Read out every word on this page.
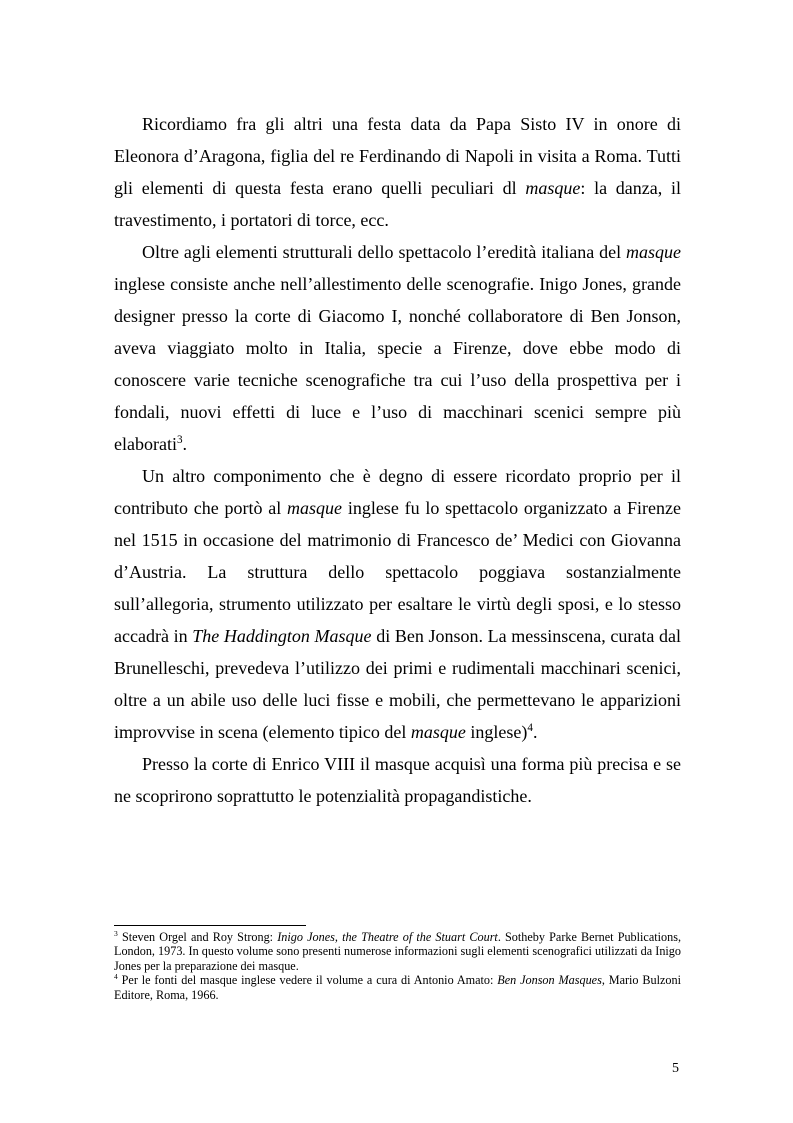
Ricordiamo fra gli altri una festa data da Papa Sisto IV in onore di Eleonora d’Aragona, figlia del re Ferdinando di Napoli in visita a Roma. Tutti gli elementi di questa festa erano quelli peculiari dl masque: la danza, il travestimento, i portatori di torce, ecc.

Oltre agli elementi strutturali dello spettacolo l’eredità italiana del masque inglese consiste anche nell’allestimento delle scenografie. Inigo Jones, grande designer presso la corte di Giacomo I, nonché collaboratore di Ben Jonson, aveva viaggiato molto in Italia, specie a Firenze, dove ebbe modo di conoscere varie tecniche scenografiche tra cui l’uso della prospettiva per i fondali, nuovi effetti di luce e l’uso di macchinari scenici sempre più elaborati$^3$.

Un altro componimento che è degno di essere ricordato proprio per il contributo che portò al masque inglese fu lo spettacolo organizzato a Firenze nel 1515 in occasione del matrimonio di Francesco de’ Medici con Giovanna d’Austria. La struttura dello spettacolo poggiava sostanzialmente sull’allegoria, strumento utilizzato per esaltare le virtù degli sposi, e lo stesso accadrà in The Haddington Masque di Ben Jonson. La messinscena, curata dal Brunelleschi, prevedeva l’utilizzo dei primi e rudimentali macchinari scenici, oltre a un abile uso delle luci fisse e mobili, che permettevano le apparizioni improvvise in scena (elemento tipico del masque inglese)$^4$.

Presso la corte di Enrico VIII il masque acquisì una forma più precisa e se ne scoprirono soprattutto le potenzialità propagandistiche.

$^3$ Steven Orgel and Roy Strong: Inigo Jones, the Theatre of the Stuart Court. Sotheby Parke Bernet Publications, London, 1973. In questo volume sono presenti numerose informazioni sugli elementi scenografici utilizzati da Inigo Jones per la preparazione dei masque.

$^4$ Per le fonti del masque inglese vedere il volume a cura di Antonio Amato: Ben Jonson Masques, Mario Bulzoni Editore, Roma, 1966.

5
